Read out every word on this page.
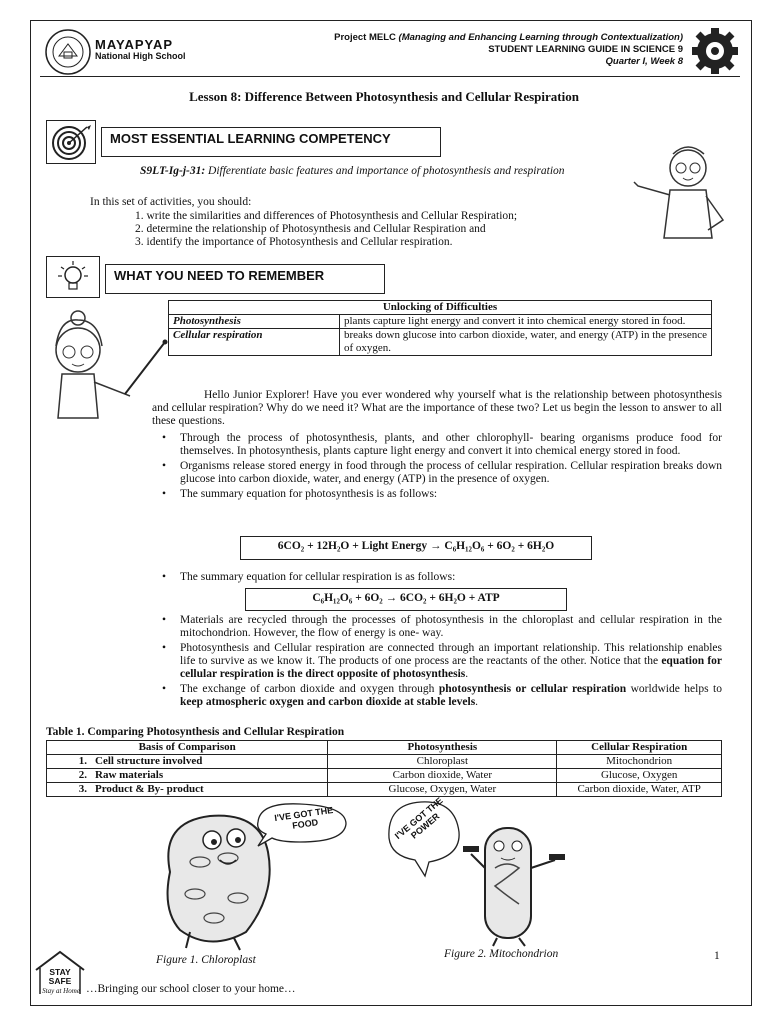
MAYAPYAP
National High School
Project MELC (Managing and Enhancing Learning through Contextualization)
STUDENT LEARNING GUIDE IN SCIENCE 9
Quarter I, Week 8
Lesson 8: Difference Between Photosynthesis and Cellular Respiration
MOST ESSENTIAL LEARNING COMPETENCY
S9LT-Ig-j-31: Differentiate basic features and importance of photosynthesis and respiration
In this set of activities, you should:
1. write the similarities and differences of Photosynthesis and Cellular Respiration;
2. determine the relationship of Photosynthesis and Cellular Respiration and
3. identify the importance of Photosynthesis and Cellular respiration.
WHAT YOU NEED TO REMEMBER
Unlocking of Difficulties	
Photosynthesis	plants capture light energy and convert it into chemical energy stored in food.
Cellular respiration	breaks down glucose into carbon dioxide, water, and energy (ATP) in the presence of oxygen.
Hello Junior Explorer! Have you ever wondered why yourself what is the relationship between photosynthesis and cellular respiration? Why do we need it? What are the importance of these two? Let us begin the lesson to answer to all these questions.
• Through the process of photosynthesis, plants, and other chlorophyll- bearing organisms produce food for themselves. In photosynthesis, plants capture light energy and convert it into chemical energy stored in food.
• Organisms release stored energy in food through the process of cellular respiration. Cellular respiration breaks down glucose into carbon dioxide, water, and energy (ATP) in the presence of oxygen.
• The summary equation for photosynthesis is as follows:
6CO₂ + 12H₂O + Light Energy → C₆H₁₂O₆ + 6O₂ + 6H₂O
• The summary equation for cellular respiration is as follows:
C₆H₁₂O₆ + 6O₂ → 6CO₂ + 6H₂O + ATP
• Materials are recycled through the processes of photosynthesis in the chloroplast and cellular respiration in the mitochondrion. However, the flow of energy is one- way.
• Photosynthesis and Cellular respiration are connected through an important relationship. This relationship enables life to survive as we know it. The products of one process are the reactants of the other. Notice that the equation for cellular respiration is the direct opposite of photosynthesis.
• The exchange of carbon dioxide and oxygen through photosynthesis or cellular respiration worldwide helps to keep atmospheric oxygen and carbon dioxide at stable levels.
Table 1. Comparing Photosynthesis and Cellular Respiration
Basis of Comparison		Photosynthesis	Cellular Respiration
1.	Cell structure involved	Chloroplast	Mitochondrion
2.	Raw materials	Carbon dioxide, Water	Glucose, Oxygen
3.	Product & By- product	Glucose, Oxygen, Water	Carbon dioxide, Water, ATP
I'VE GOT THE FOOD
Figure 1. Chloroplast
I'VE GOT THE POWER
Figure 2. Mitochondrion	1
STAY SAFE
Stay at Home …Bringing our school closer to your home…
